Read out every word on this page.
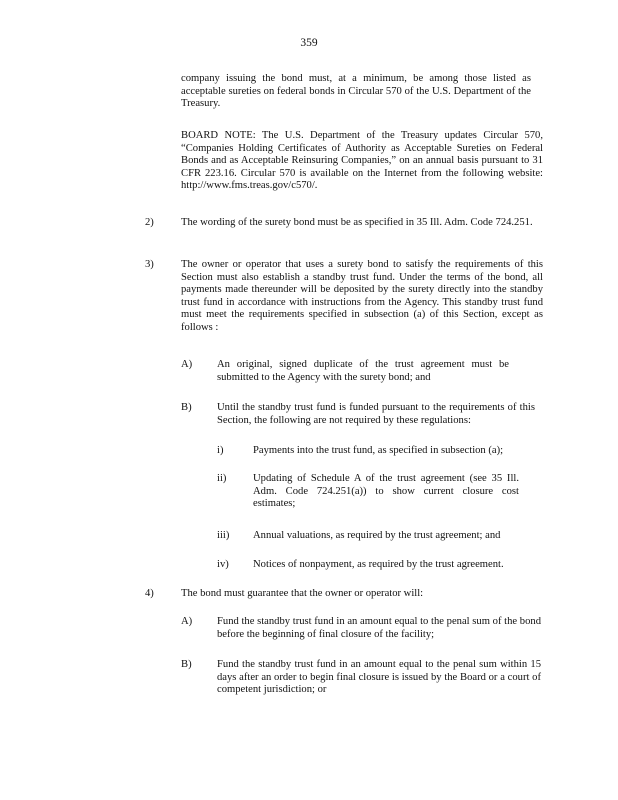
359
company issuing the bond must, at a minimum, be among those listed as acceptable sureties on federal bonds in Circular 570 of the U.S. Department of the Treasury.
BOARD NOTE: The U.S. Department of the Treasury updates Circular 570, “Companies Holding Certificates of Authority as Acceptable Sureties on Federal Bonds and as Acceptable Reinsuring Companies,” on an annual basis pursuant to 31 CFR 223.16. Circular 570 is available on the Internet from the following website: http://www.fms.treas.gov/c570/.
2)	The wording of the surety bond must be as specified in 35 Ill. Adm. Code 724.251.
3)	The owner or operator that uses a surety bond to satisfy the requirements of this Section must also establish a standby trust fund. Under the terms of the bond, all payments made thereunder will be deposited by the surety directly into the standby trust fund in accordance with instructions from the Agency. This standby trust fund must meet the requirements specified in subsection (a) of this Section, except as follows :
A) An original, signed duplicate of the trust agreement must be submitted to the Agency with the surety bond; and
B) Until the standby trust fund is funded pursuant to the requirements of this Section, the following are not required by these regulations:
i)	Payments into the trust fund, as specified in subsection (a);
ii)	Updating of Schedule A of the trust agreement (see 35 Ill. Adm. Code 724.251(a)) to show current closure cost estimates;
iii) Annual valuations, as required by the trust agreement; and
iv) Notices of nonpayment, as required by the trust agreement.
4)	The bond must guarantee that the owner or operator will:
A) Fund the standby trust fund in an amount equal to the penal sum of the bond before the beginning of final closure of the facility;
B) Fund the standby trust fund in an amount equal to the penal sum within 15 days after an order to begin final closure is issued by the Board or a court of competent jurisdiction; or
